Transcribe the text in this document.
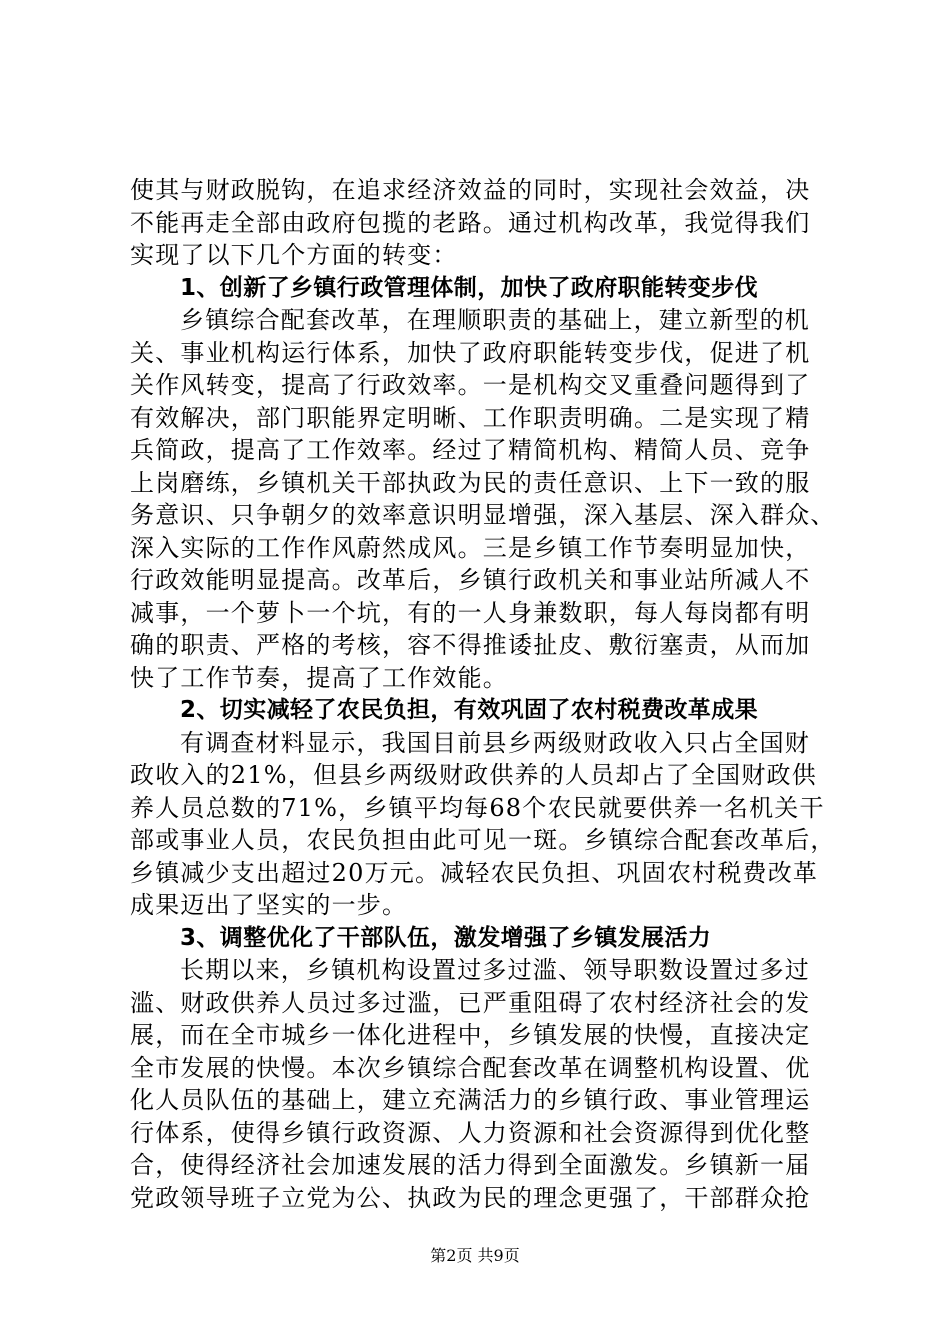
使其与财政脱钩，在追求经济效益的同时，实现社会效益，决
不能再走全部由政府包揽的老路。通过机构改革，我觉得我们
实现了以下几个方面的转变：
1、创新了乡镇行政管理体制，加快了政府职能转变步伐
乡镇综合配套改革，在理顺职责的基础上，建立新型的机
关、事业机构运行体系，加快了政府职能转变步伐，促进了机
关作风转变，提高了行政效率。一是机构交叉重叠问题得到了
有效解决，部门职能界定明晰、工作职责明确。二是实现了精
兵简政，提高了工作效率。经过了精简机构、精简人员、竞争
上岗磨练，乡镇机关干部执政为民的责任意识、上下一致的服
务意识、只争朝夕的效率意识明显增强，深入基层、深入群众、
深入实际的工作作风蔚然成风。三是乡镇工作节奏明显加快，
行政效能明显提高。改革后，乡镇行政机关和事业站所减人不
减事，一个萝卜一个坑，有的一人身兼数职，每人每岗都有明
确的职责、严格的考核，容不得推诿扯皮、敷衍塞责，从而加
快了工作节奏，提高了工作效能。
2、切实减轻了农民负担，有效巩固了农村税费改革成果
有调查材料显示，我国目前县乡两级财政收入只占全国财
政收入的21%，但县乡两级财政供养的人员却占了全国财政供
养人员总数的71%，乡镇平均每68个农民就要供养一名机关干
部或事业人员，农民负担由此可见一斑。乡镇综合配套改革后，
乡镇减少支出超过20万元。减轻农民负担、巩固农村税费改革
成果迈出了坚实的一步。
3、调整优化了干部队伍，激发增强了乡镇发展活力
长期以来，乡镇机构设置过多过滥、领导职数设置过多过
滥、财政供养人员过多过滥，已严重阻碍了农村经济社会的发
展，而在全市城乡一体化进程中，乡镇发展的快慢，直接决定
全市发展的快慢。本次乡镇综合配套改革在调整机构设置、优
化人员队伍的基础上，建立充满活力的乡镇行政、事业管理运
行体系，使得乡镇行政资源、人力资源和社会资源得到优化整
合，使得经济社会加速发展的活力得到全面激发。乡镇新一届
党政领导班子立党为公、执政为民的理念更强了，干部群众抢
第2页 共9页
